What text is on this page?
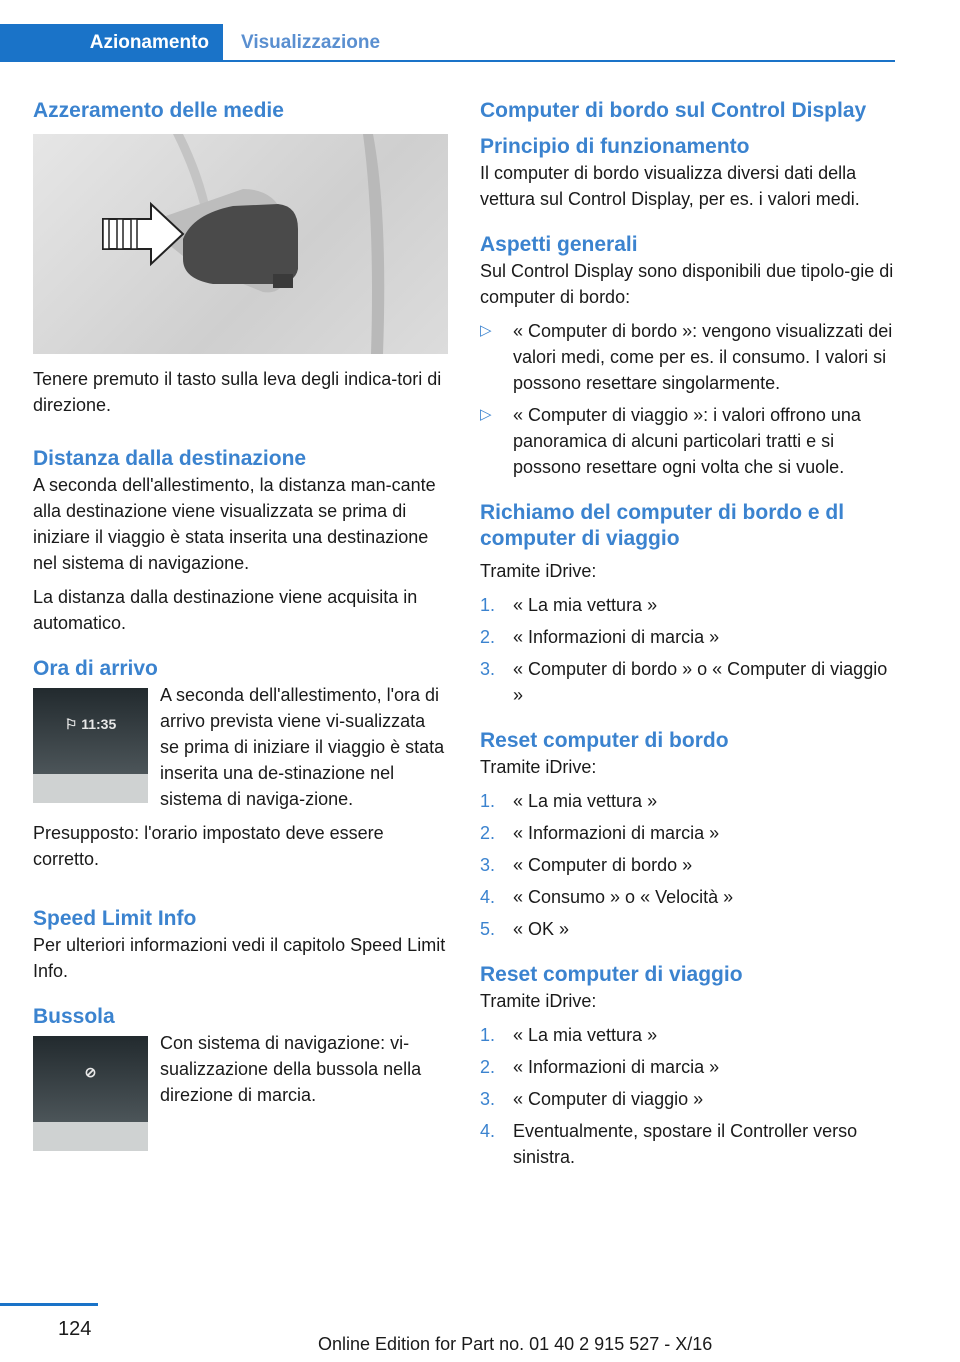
Azionamento	Visualizzazione
Azzeramento delle medie

Tenere premuto il tasto sulla leva degli indica-tori di direzione.

Distanza dalla destinazione

A seconda dell'allestimento, la distanza man-cante alla destinazione viene visualizzata se prima di iniziare il viaggio è stata inserita una destinazione nel sistema di navigazione.

La distanza dalla destinazione viene acquisita in automatico.

Ora di arrivo
⚐ 11:35

A seconda dell'allestimento, l'ora di arrivo prevista viene vi-sualizzata se prima di iniziare il viaggio è stata inserita una de-stinazione nel sistema di naviga-zione.

Presupposto: l'orario impostato deve essere corretto.

Speed Limit Info

Per ulteriori informazioni vedi il capitolo Speed Limit Info.

Bussola
⊘

Con sistema di navigazione: vi-sualizzazione della bussola nella direzione di marcia.

Computer di bordo sul Control Display
Principio di funzionamento

Il computer di bordo visualizza diversi dati della vettura sul Control Display, per es. i valori medi.

Aspetti generali

Sul Control Display sono disponibili due tipolo-gie di computer di bordo:

▷ « Computer di bordo »: vengono visualizzati dei valori medi, come per es. il consumo. I valori si possono resettare singolarmente.
▷ « Computer di viaggio »: i valori offrono una panoramica di alcuni particolari tratti e si possono resettare ogni volta che si vuole.
Richiamo del computer di bordo e dl computer di viaggio

Tramite iDrive:

1. « La mia vettura »
2. « Informazioni di marcia »
3. « Computer di bordo » o « Computer di viaggio »
Reset computer di bordo

Tramite iDrive:

1. « La mia vettura »
2. « Informazioni di marcia »
3. « Computer di bordo »
4. « Consumo » o « Velocità »
5. « OK »
Reset computer di viaggio

Tramite iDrive:

1. « La mia vettura »
2. « Informazioni di marcia »
3. « Computer di viaggio »
4. Eventualmente, spostare il Controller verso sinistra.
124
Online Edition for Part no. 01 40 2 915 527 - X/16
